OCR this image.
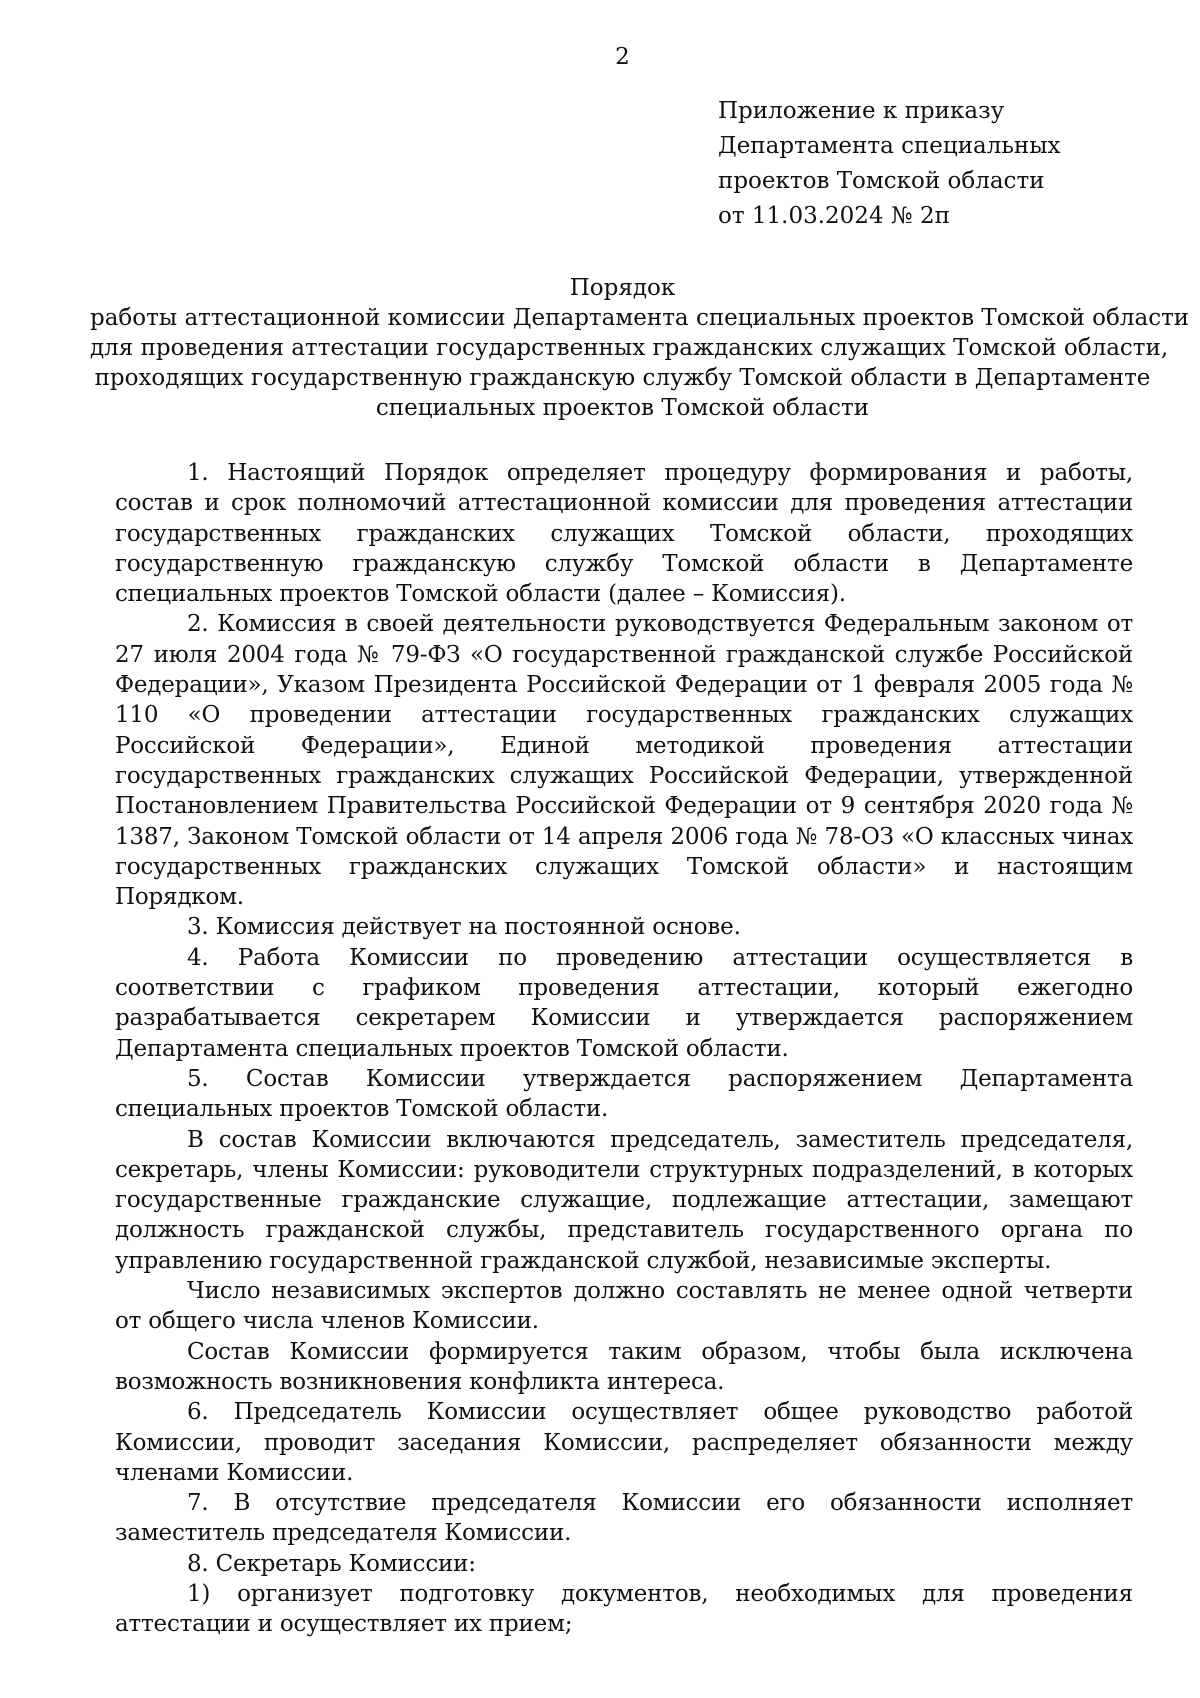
2
Приложение к приказу
Департамента специальных
проектов Томской области
от 11.03.2024 № 2п
Порядок
работы аттестационной комиссии Департамента специальных проектов Томской области
для проведения аттестации государственных гражданских служащих Томской области,
проходящих государственную гражданскую службу Томской области в Департаменте
специальных проектов Томской области

1. Настоящий Порядок определяет процедуру формирования и работы, состав и срок полномочий аттестационной комиссии для проведения аттестации государственных гражданских служащих Томской области, проходящих государственную гражданскую службу Томской области в Департаменте специальных проектов Томской области (далее – Комиссия).

2. Комиссия в своей деятельности руководствуется Федеральным законом от 27 июля 2004 года № 79-ФЗ «О государственной гражданской службе Российской Федерации», Указом Президента Российской Федерации от 1 февраля 2005 года № 110 «О проведении аттестации государственных гражданских служащих Российской Федерации», Единой методикой проведения аттестации государственных гражданских служащих Российской Федерации, утвержденной Постановлением Правительства Российской Федерации от 9 сентября 2020 года № 1387, Законом Томской области от 14 апреля 2006 года № 78-ОЗ «О классных чинах государственных гражданских служащих Томской области» и настоящим Порядком.

3. Комиссия действует на постоянной основе.

4. Работа Комиссии по проведению аттестации осуществляется в соответствии с графиком проведения аттестации, который ежегодно разрабатывается секретарем Комиссии и утверждается распоряжением Департамента специальных проектов Томской области.

5. Состав Комиссии утверждается распоряжением Департамента специальных проектов Томской области.

В состав Комиссии включаются председатель, заместитель председателя, секретарь, члены Комиссии: руководители структурных подразделений, в которых государственные гражданские служащие, подлежащие аттестации, замещают должность гражданской службы, представитель государственного органа по управлению государственной гражданской службой, независимые эксперты.

Число независимых экспертов должно составлять не менее одной четверти от общего числа членов Комиссии.

Состав Комиссии формируется таким образом, чтобы была исключена возможность возникновения конфликта интереса.

6. Председатель Комиссии осуществляет общее руководство работой Комиссии, проводит заседания Комиссии, распределяет обязанности между членами Комиссии.

7. В отсутствие председателя Комиссии его обязанности исполняет заместитель председателя Комиссии.

8. Секретарь Комиссии:

1) организует подготовку документов, необходимых для проведения аттестации и осуществляет их прием;
